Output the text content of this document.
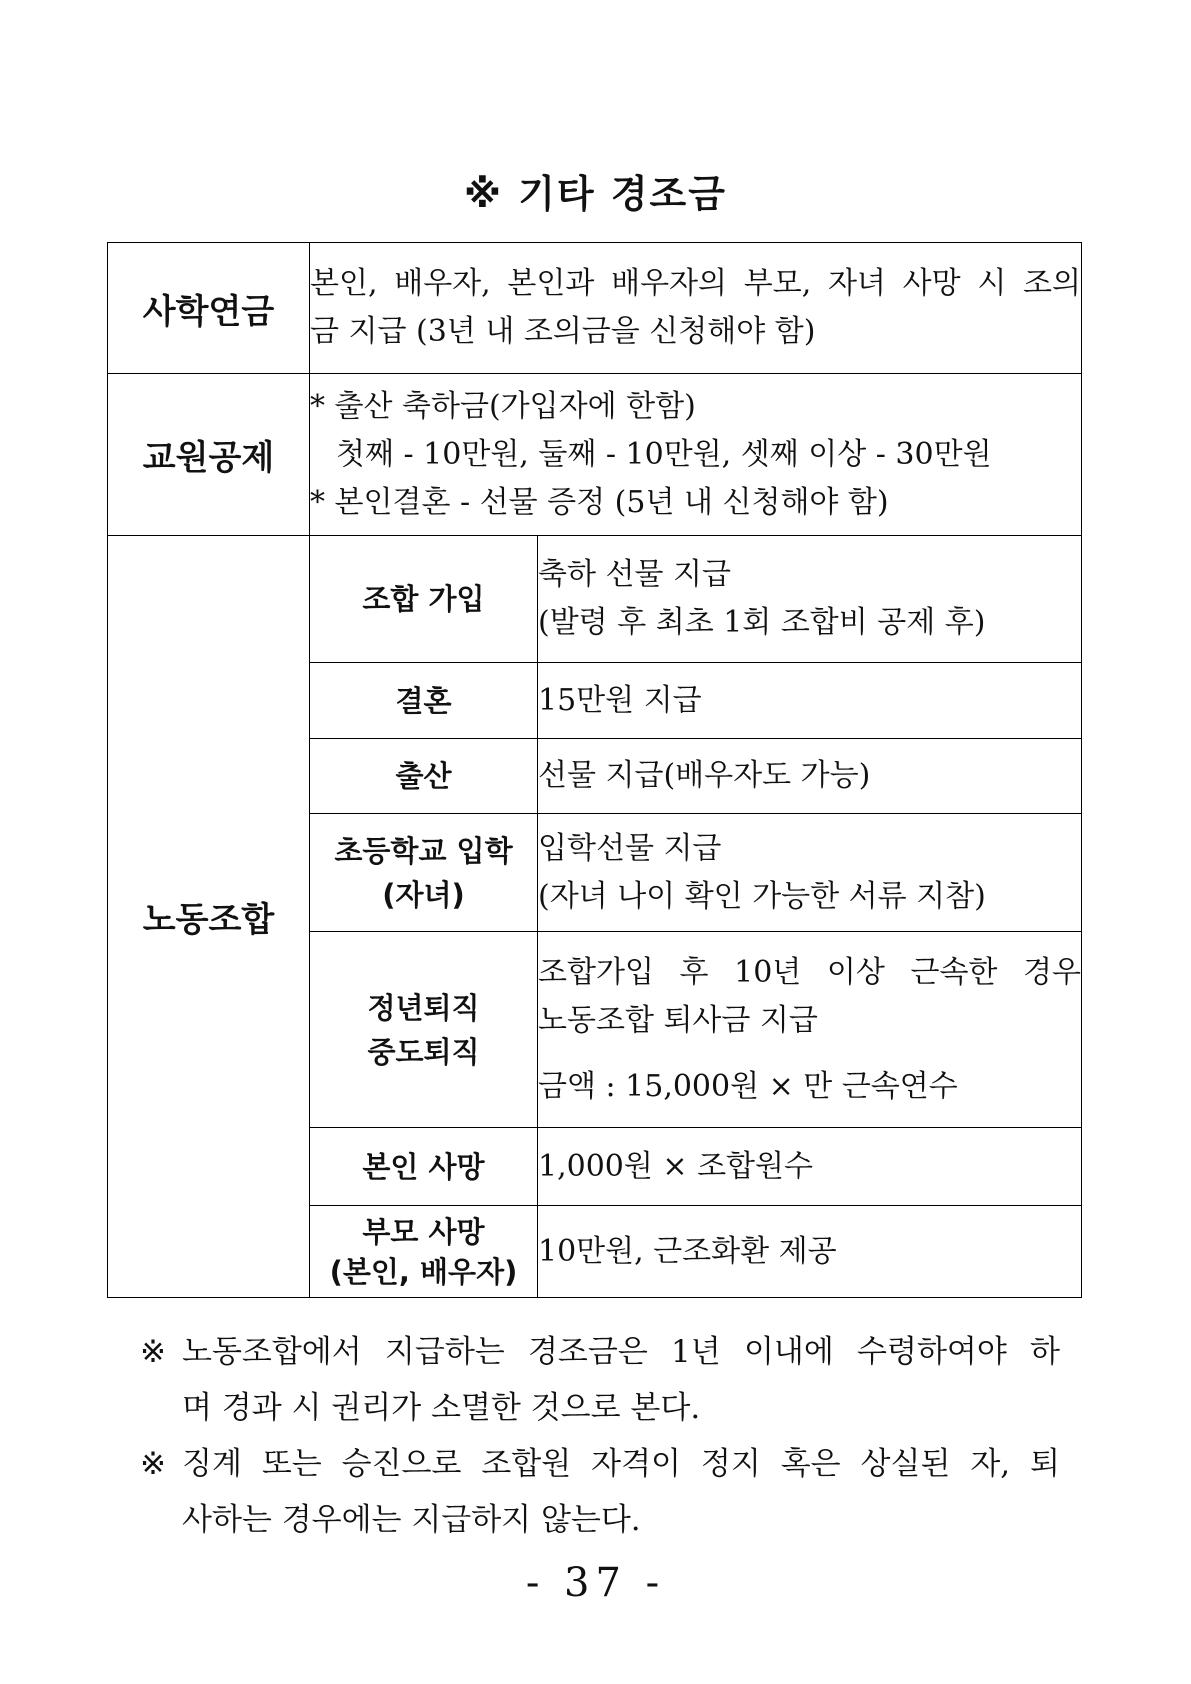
※ 기타 경조금
사학연금	본인, 배우자, 본인과 배우자의 부모, 자녀 사망 시 조의
금 지급 (3년 내 조의금을 신청해야 함)	

교원공제	* 출산 축하금(가입자에 한함)
첫째 - 10만원, 둘째 - 10만원, 셋째 이상 - 30만원
* 본인결혼 - 선물 증정 (5년 내 신청해야 함)	

노동조합	조합 가입	축하 선물 지급
(발령 후 최초 1회 조합비 공제 후)

	결혼	15만원 지급

	출산	선물 지급(배우자도 가능)

	초등학교 입학
(자녀)	입학선물 지급
(자녀 나이 확인 가능한 서류 지참)

	정년퇴직
중도퇴직	조합가입 후 10년 이상 근속한 경우
노동조합 퇴사금 지급
금액 : 15,000원 × 만 근속연수

	본인 사망	1,000원 × 조합원수

	부모 사망
(본인, 배우자)	10만원, 근조화환 제공
※ 노동조합에서 지급하는 경조금은 1년 이내에 수령하여야 하
며 경과 시 권리가 소멸한 것으로 본다.
※ 징계 또는 승진으로 조합원 자격이 정지 혹은 상실된 자, 퇴
사하는 경우에는 지급하지 않는다.
- 37 -
